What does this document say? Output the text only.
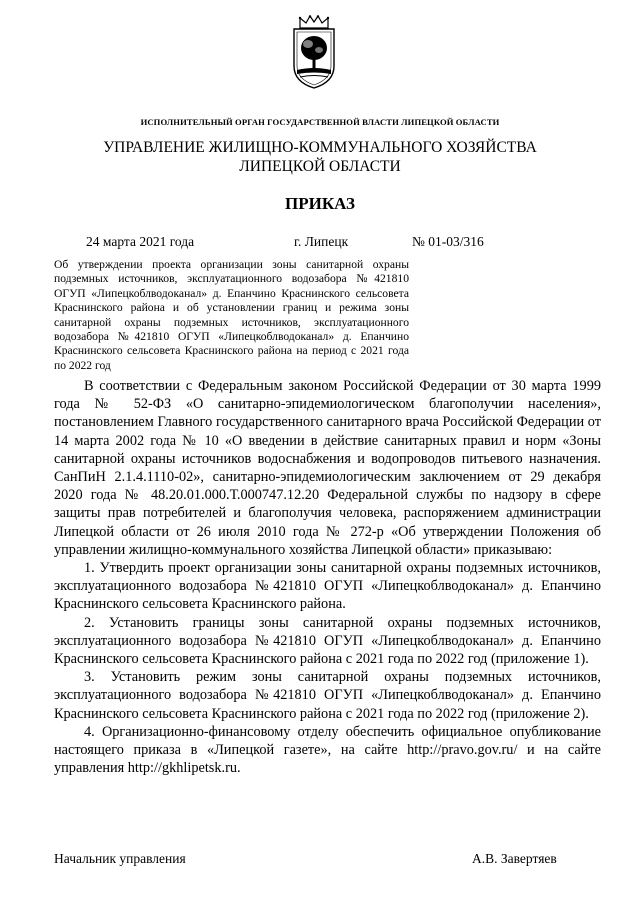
ИСПОЛНИТЕЛЬНЫЙ ОРГАН ГОСУДАРСТВЕННОЙ ВЛАСТИ ЛИПЕЦКОЙ ОБЛАСТИ
УПРАВЛЕНИЕ ЖИЛИЩНО-КОММУНАЛЬНОГО ХОЗЯЙСТВА
ЛИПЕЦКОЙ ОБЛАСТИ
ПРИКАЗ
24 марта 2021 года	г. Липецк	№ 01-03/316
Об утверждении проекта организации зоны санитарной охраны подземных источников, эксплуатационного водозабора №421810 ОГУП «Липецкоблводоканал» д. Епанчино Краснинского сельсовета Краснинского района и об установлении границ и режима зоны санитарной охраны подземных источников, эксплуатационного водозабора №421810 ОГУП «Липецкоблводоканал» д. Епанчино Краснинского сельсовета Краснинского района на период с 2021 года по 2022 год

В соответствии с Федеральным законом Российской Федерации от 30 марта 1999 года № 52-ФЗ «О санитарно-эпидемиологическом благополучии населения», постановлением Главного государственного санитарного врача Российской Федерации от 14 марта 2002 года № 10 «О введении в действие санитарных правил и норм «Зоны санитарной охраны источников водоснабжения и водопроводов питьевого назначения. СанПиН 2.1.4.1110-02», санитарно-эпидемиологическим заключением от 29 декабря 2020 года № 48.20.01.000.Т.000747.12.20 Федеральной службы по надзору в сфере защиты прав потребителей и благополучия человека, распоряжением администрации Липецкой области от 26 июля 2010 года № 272-р «Об утверждении Положения об управлении жилищно-коммунального хозяйства Липецкой области» приказываю:

1. Утвердить проект организации зоны санитарной охраны подземных источников, эксплуатационного водозабора №421810 ОГУП «Липецкоблводоканал» д. Епанчино Краснинского сельсовета Краснинского района.

2. Установить границы зоны санитарной охраны подземных источников, эксплуатационного водозабора №421810 ОГУП «Липецкоблводоканал» д. Епанчино Краснинского сельсовета Краснинского района с 2021 года по 2022 год (приложение 1).

3. Установить режим зоны санитарной охраны подземных источников, эксплуатационного водозабора №421810 ОГУП «Липецкоблводоканал» д. Епанчино Краснинского сельсовета Краснинского района с 2021 года по 2022 год (приложение 2).

4. Организационно-финансовому отделу обеспечить официальное опубликование настоящего приказа в «Липецкой газете», на сайте http://pravo.gov.ru/ и на сайте управления http://gkhlipetsk.ru.

Начальник управления	А.В. Завертяев
